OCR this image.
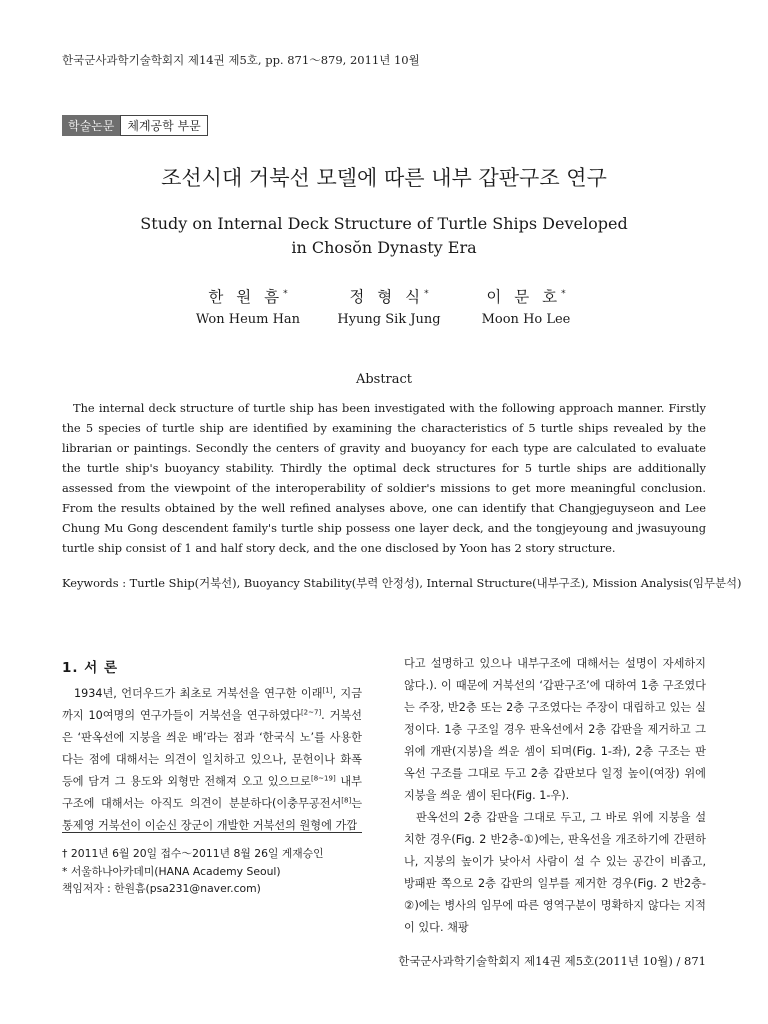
한국군사과학기술학회지 제14권 제5호, pp. 871～879, 2011년 10월
학술논문	체계공학 부문
조선시대 거북선 모델에 따른 내부 갑판구조 연구
Study on Internal Deck Structure of Turtle Ships Developed
in Chosŏn Dynasty Era
한 원 흠*
Won Heum Han
정 형 식*
Hyung Sik Jung
이 문 호*
Moon Ho Lee
Abstract

The internal deck structure of turtle ship has been investigated with the following approach manner. Firstly the 5 species of turtle ship are identified by examining the characteristics of 5 turtle ships revealed by the librarian or paintings. Secondly the centers of gravity and buoyancy for each type are calculated to evaluate the turtle ship's buoyancy stability. Thirdly the optimal deck structures for 5 turtle ships are additionally assessed from the viewpoint of the interoperability of soldier's missions to get more meaningful conclusion. From the results obtained by the well refined analyses above, one can identify that Changjeguyseon and Lee Chung Mu Gong descendent family's turtle ship possess one layer deck, and the tongjeyoung and jwasuyoung turtle ship consist of 1 and half story deck, and the one disclosed by Yoon has 2 story structure.

Keywords : Turtle Ship(거북선), Buoyancy Stability(부력 안정성), Internal Structure(내부구조), Mission Analysis(임무분석)
1. 서 론

1934년, 언더우드가 최초로 거북선을 연구한 이래[1], 지금까지 10여명의 연구가들이 거북선을 연구하였다[2~7]. 거북선은 ‘판옥선에 지붕을 씌운 배’라는 점과 ‘한국식 노’를 사용한다는 점에 대해서는 의견이 일치하고 있으나, 문헌이나 화폭 등에 담겨 그 용도와 외형만 전해져 오고 있으므로[8~19] 내부구조에 대해서는 아직도 의견이 분분하다(이충무공전서[8]는 통제영 거북선이 이순신 장군이 개발한 거북선의 원형에 가깝

† 2011년 6월 20일 접수～2011년 8월 26일 게재승인
* 서울하나아카데미(HANA Academy Seoul)
책임저자 : 한원흠(psa231@naver.com)

다고 설명하고 있으나 내부구조에 대해서는 설명이 자세하지 않다.). 이 때문에 거북선의 ‘갑판구조’에 대하여 1층 구조였다는 주장, 반2층 또는 2층 구조였다는 주장이 대립하고 있는 실정이다. 1층 구조일 경우 판옥선에서 2층 갑판을 제거하고 그 위에 개판(지붕)을 씌운 셈이 되며(Fig. 1-좌), 2층 구조는 판옥선 구조를 그대로 두고 2층 갑판보다 일정 높이(여장) 위에 지붕을 씌운 셈이 된다(Fig. 1-우).

판옥선의 2층 갑판을 그대로 두고, 그 바로 위에 지붕을 설치한 경우(Fig. 2 반2층-①)에는, 판옥선을 개조하기에 간편하나, 지붕의 높이가 낮아서 사람이 설 수 있는 공간이 비좁고, 방패판 쪽으로 2층 갑판의 일부를 제거한 경우(Fig. 2 반2층-②)에는 병사의 임무에 따른 영역구분이 명확하지 않다는 지적이 있다. 채팡

한국군사과학기술학회지 제14권 제5호(2011년 10월) / 871
